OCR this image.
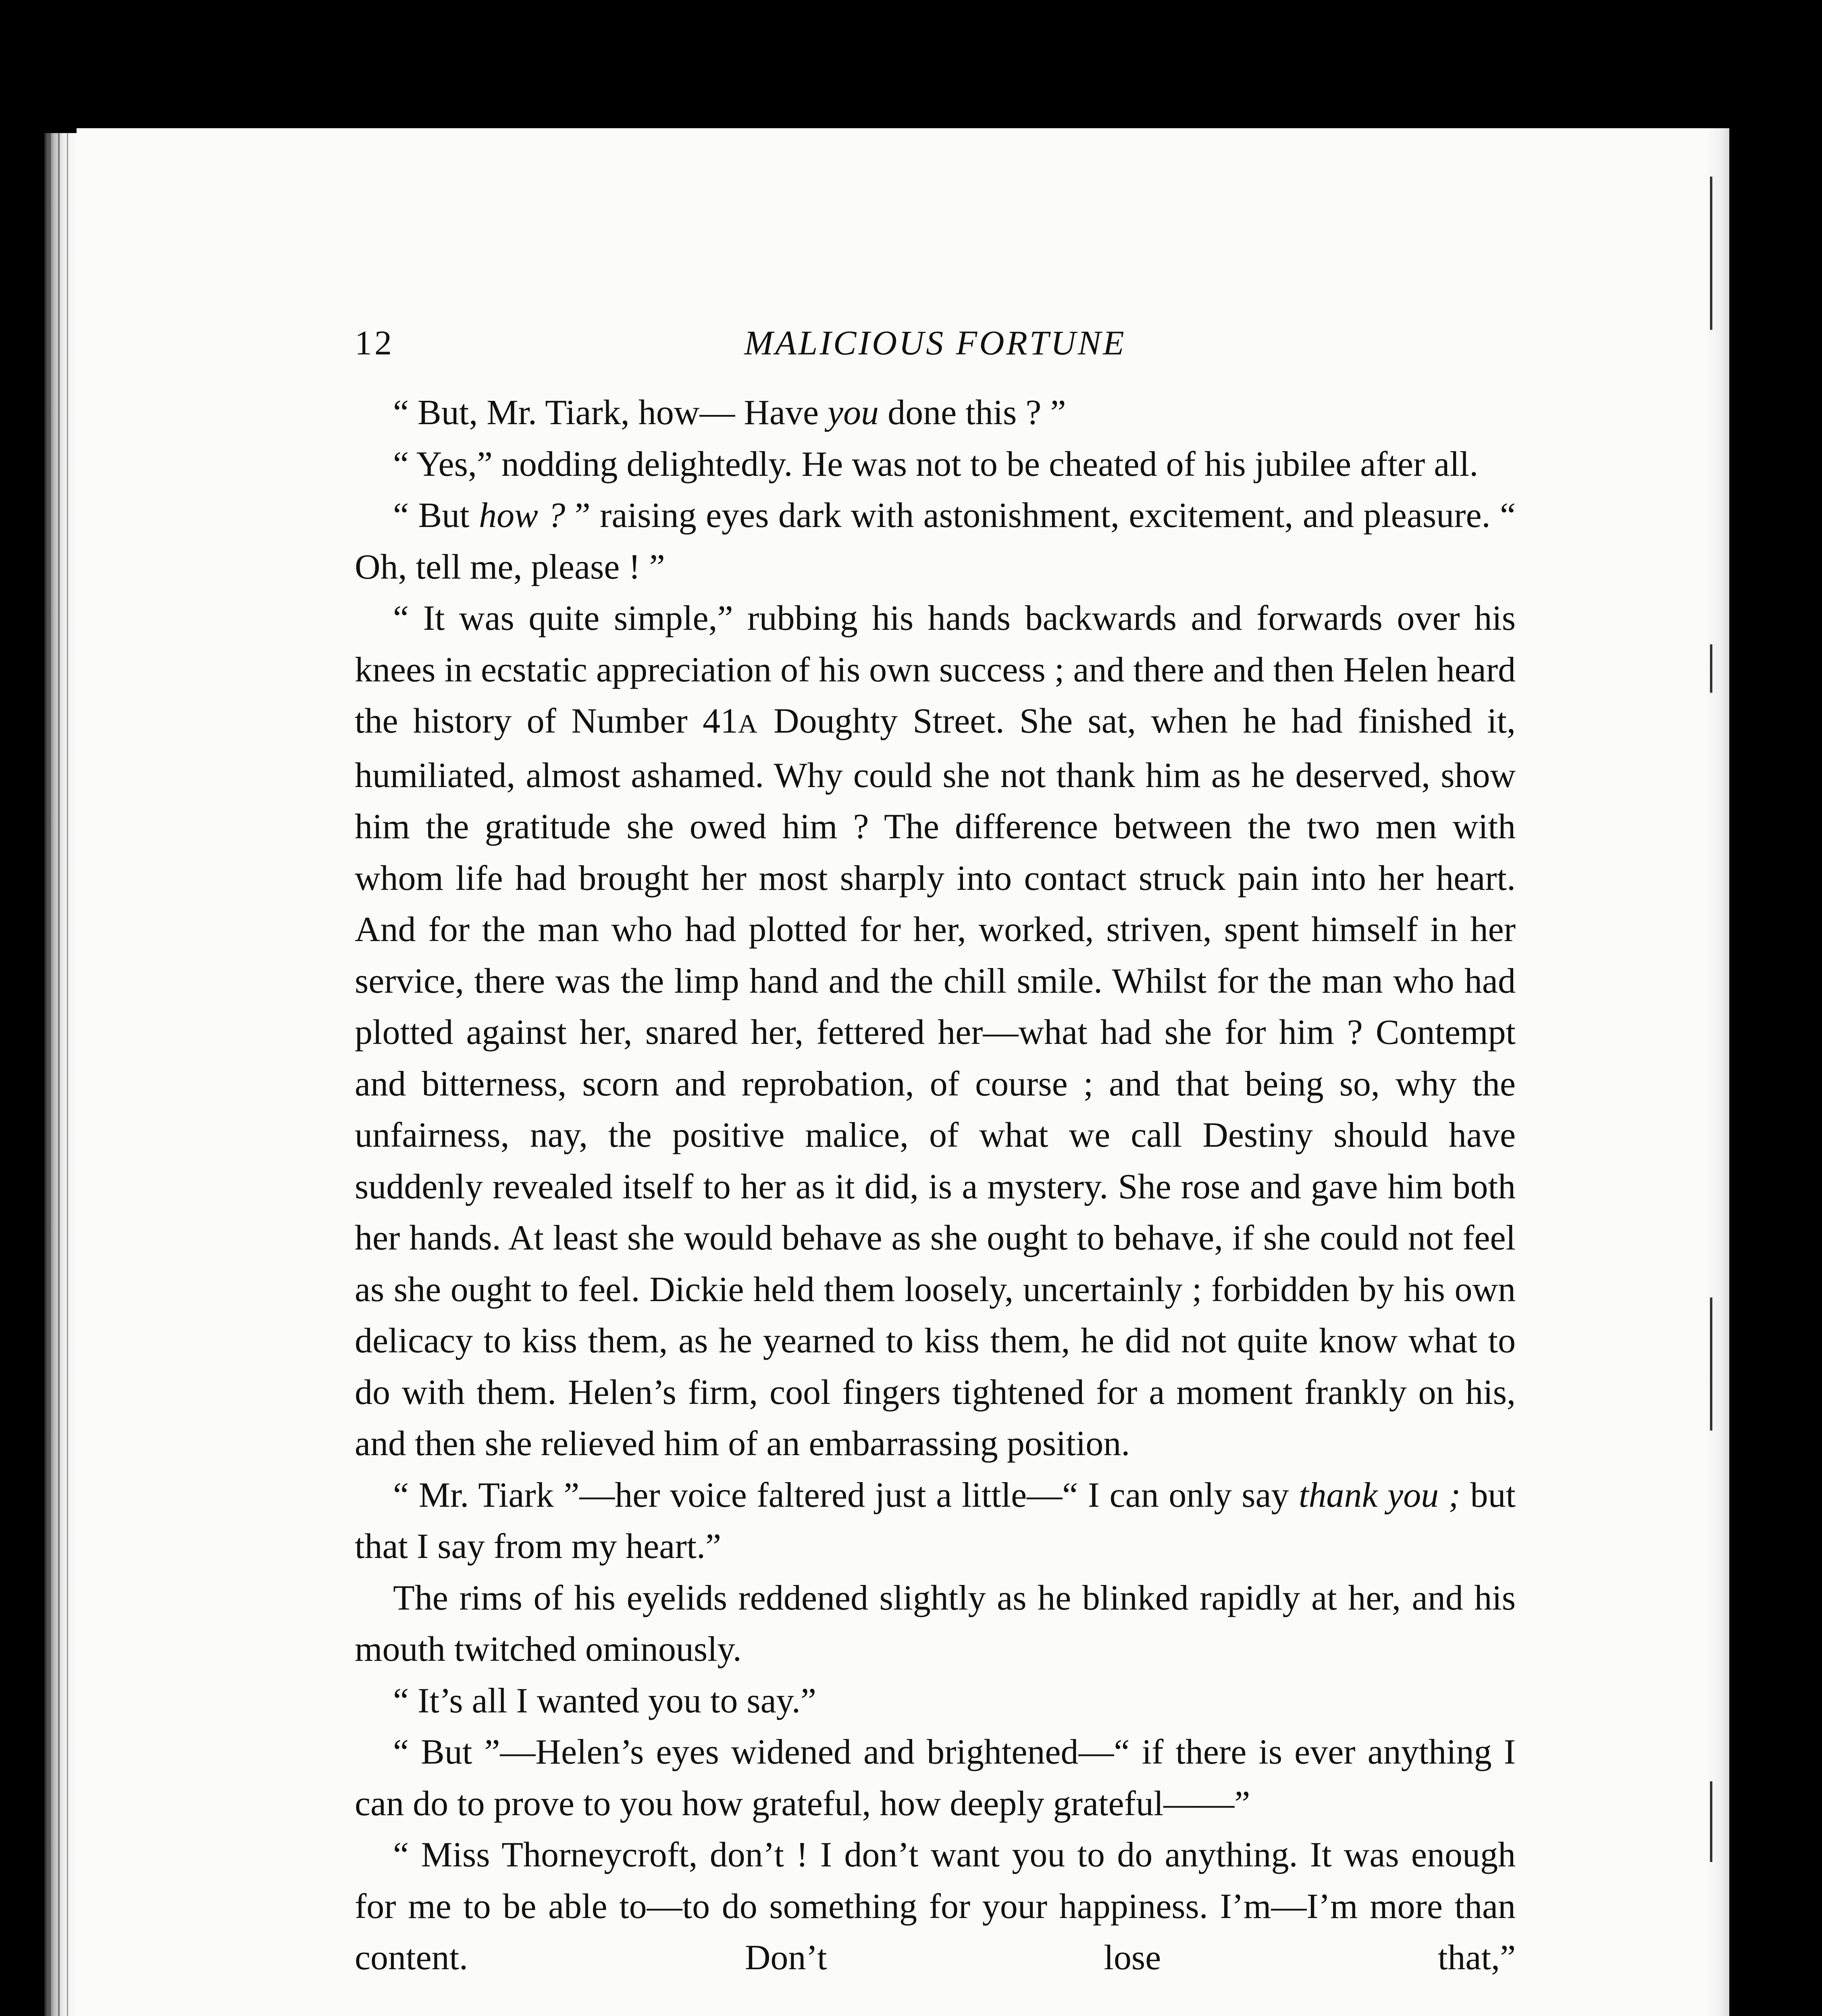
12	MALICIOUS FORTUNE

“ But, Mr. Tiark, how— Have you done this ? ”

“ Yes,” nodding delightedly. He was not to be cheated of his jubilee after all.

“ But how ? ” raising eyes dark with astonishment, excitement, and pleasure. “ Oh, tell me, please ! ”

“ It was quite simple,” rubbing his hands backwards and forwards over his knees in ecstatic appreciation of his own success ; and there and then Helen heard the history of Number 41A Doughty Street. She sat, when he had finished it, humiliated, almost ashamed. Why could she not thank him as he deserved, show him the gratitude she owed him ? The difference between the two men with whom life had brought her most sharply into contact struck pain into her heart. And for the man who had plotted for her, worked, striven, spent himself in her service, there was the limp hand and the chill smile. Whilst for the man who had plotted against her, snared her, fettered her—what had she for him ? Contempt and bitterness, scorn and reprobation, of course ; and that being so, why the unfairness, nay, the positive malice, of what we call Destiny should have suddenly revealed itself to her as it did, is a mystery. She rose and gave him both her hands. At least she would behave as she ought to behave, if she could not feel as she ought to feel. Dickie held them loosely, uncertainly ; forbidden by his own delicacy to kiss them, as he yearned to kiss them, he did not quite know what to do with them. Helen’s firm, cool fingers tightened for a moment frankly on his, and then she relieved him of an embarrassing position.

“ Mr. Tiark ”—her voice faltered just a little—“ I can only say thank you ; but that I say from my heart.”

The rims of his eyelids reddened slightly as he blinked rapidly at her, and his mouth twitched ominously.

“ It’s all I wanted you to say.”

“ But ”—Helen’s eyes widened and brightened—“ if there is ever anything I can do to prove to you how grateful, how deeply grateful——”

“ Miss Thorneycroft, don’t ! I don’t want you to do anything. It was enough for me to be able to—to do something for your happiness. I’m—I’m more than content. Don’t lose that,”
